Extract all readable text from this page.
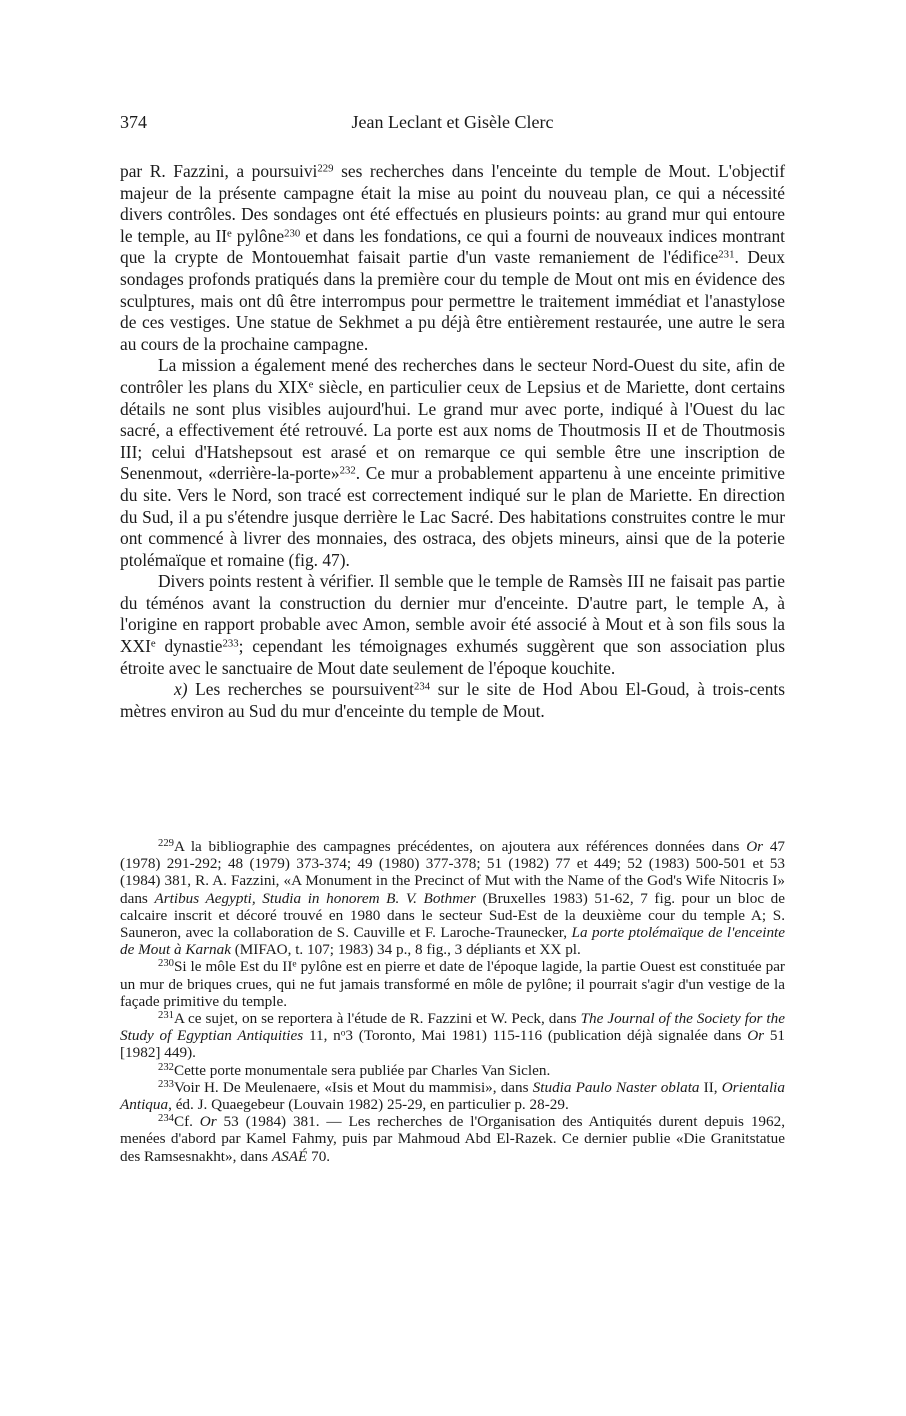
374	Jean Leclant et Gisèle Clerc

par R. Fazzini, a poursuivi$^{229}$ ses recherches dans l'enceinte du temple de Mout. L'objectif majeur de la présente campagne était la mise au point du nouveau plan, ce qui a nécessité divers contrôles. Des sondages ont été effectués en plusieurs points: au grand mur qui entoure le temple, au IIe pylône$^{230}$ et dans les fondations, ce qui a fourni de nouveaux indices montrant que la crypte de Montouemhat faisait partie d'un vaste remaniement de l'édifice$^{231}$. Deux sondages profonds pratiqués dans la première cour du temple de Mout ont mis en évidence des sculptures, mais ont dû être interrompus pour permettre le traitement immédiat et l'anastylose de ces vestiges. Une statue de Sekhmet a pu déjà être entièrement restaurée, une autre le sera au cours de la prochaine campagne.

La mission a également mené des recherches dans le secteur Nord-Ouest du site, afin de contrôler les plans du XIXe siècle, en particulier ceux de Lepsius et de Mariette, dont certains détails ne sont plus visibles aujourd'hui. Le grand mur avec porte, indiqué à l'Ouest du lac sacré, a effectivement été retrouvé. La porte est aux noms de Thoutmosis II et de Thoutmosis III; celui d'Hatshepsout est arasé et on remarque ce qui semble être une inscription de Senenmout, «derrière-la-porte»$^{232}$. Ce mur a probablement appartenu à une enceinte primitive du site. Vers le Nord, son tracé est correctement indiqué sur le plan de Mariette. En direction du Sud, il a pu s'étendre jusque derrière le Lac Sacré. Des habitations construites contre le mur ont commencé à livrer des monnaies, des ostraca, des objets mineurs, ainsi que de la poterie ptolémaïque et romaine (fig. 47).

Divers points restent à vérifier. Il semble que le temple de Ramsès III ne faisait pas partie du téménos avant la construction du dernier mur d'enceinte. D'autre part, le temple A, à l'origine en rapport probable avec Amon, semble avoir été associé à Mout et à son fils sous la XXIe dynastie$^{233}$; cependant les témoignages exhumés suggèrent que son association plus étroite avec le sanctuaire de Mout date seulement de l'époque kouchite.

x) Les recherches se poursuivent$^{234}$ sur le site de Hod Abou El-Goud, à trois-cents mètres environ au Sud du mur d'enceinte du temple de Mout.

$^{229}$A la bibliographie des campagnes précédentes, on ajoutera aux références données dans Or 47 (1978) 291-292; 48 (1979) 373-374; 49 (1980) 377-378; 51 (1982) 77 et 449; 52 (1983) 500-501 et 53 (1984) 381, R. A. Fazzini, «A Monument in the Precinct of Mut with the Name of the God's Wife Nitocris I» dans Artibus Aegypti, Studia in honorem B. V. Bothmer (Bruxelles 1983) 51-62, 7 fig. pour un bloc de calcaire inscrit et décoré trouvé en 1980 dans le secteur Sud-Est de la deuxième cour du temple A; S. Sauneron, avec la collaboration de S. Cauville et F. Laroche-Traunecker, La porte ptolémaïque de l'enceinte de Mout à Karnak (MIFAO, t. 107; 1983) 34 p., 8 fig., 3 dépliants et XX pl.

$^{230}$Si le môle Est du IIe pylône est en pierre et date de l'époque lagide, la partie Ouest est constituée par un mur de briques crues, qui ne fut jamais transformé en môle de pylône; il pourrait s'agir d'un vestige de la façade primitive du temple.

$^{231}$A ce sujet, on se reportera à l'étude de R. Fazzini et W. Peck, dans The Journal of the Society for the Study of Egyptian Antiquities 11, $n^o3$ (Toronto, Mai 1981) 115-116 (publication déjà signalée dans Or 51 [1982] 449).

$^{232}$Cette porte monumentale sera publiée par Charles Van Siclen.

$^{233}$Voir H. De Meulenaere, «Isis et Mout du mammisi», dans Studia Paulo Naster oblata II, Orientalia Antiqua, éd. J. Quaegebeur (Louvain 1982) 25-29, en particulier p. 28-29.

$^{234}$Cf. Or 53 (1984) 381. — Les recherches de l'Organisation des Antiquités durent depuis 1962, menées d'abord par Kamel Fahmy, puis par Mahmoud Abd El-Razek. Ce dernier publie «Die Granitstatue des Ramsesnakht», dans ASAÉ 70.
